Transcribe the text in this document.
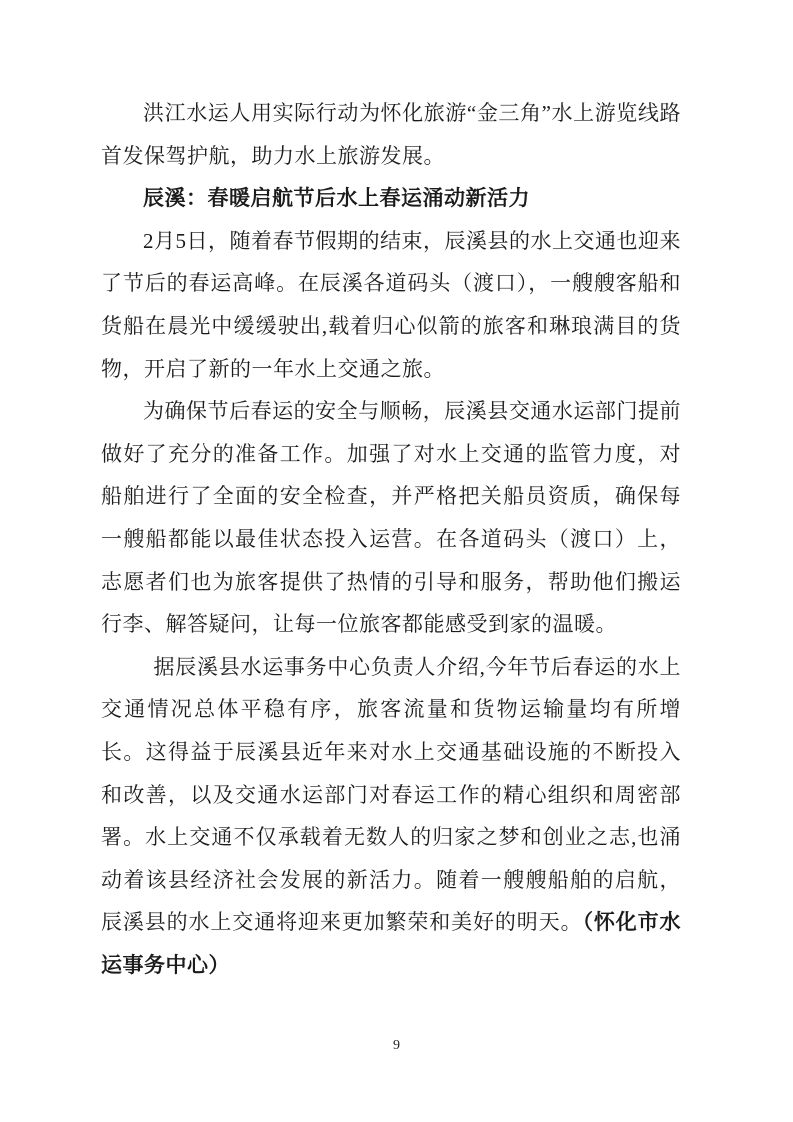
洪江水运人用实际行动为怀化旅游“金三角”水上游览线路首发保驾护航，助力水上旅游发展。

辰溪：春暖启航节后水上春运涌动新活力

2月5日，随着春节假期的结束，辰溪县的水上交通也迎来了节后的春运高峰。在辰溪各道码头（渡口），一艘艘客船和货船在晨光中缓缓驶出,载着归心似箭的旅客和琳琅满目的货物，开启了新的一年水上交通之旅。

为确保节后春运的安全与顺畅，辰溪县交通水运部门提前做好了充分的准备工作。加强了对水上交通的监管力度，对船舶进行了全面的安全检查，并严格把关船员资质，确保每一艘船都能以最佳状态投入运营。在各道码头（渡口）上，志愿者们也为旅客提供了热情的引导和服务，帮助他们搬运行李、解答疑问，让每一位旅客都能感受到家的温暖。

据辰溪县水运事务中心负责人介绍,今年节后春运的水上交通情况总体平稳有序，旅客流量和货物运输量均有所增长。这得益于辰溪县近年来对水上交通基础设施的不断投入和改善，以及交通水运部门对春运工作的精心组织和周密部署。水上交通不仅承载着无数人的归家之梦和创业之志,也涌动着该县经济社会发展的新活力。随着一艘艘船舶的启航，辰溪县的水上交通将迎来更加繁荣和美好的明天。（怀化市水运事务中心）

9
